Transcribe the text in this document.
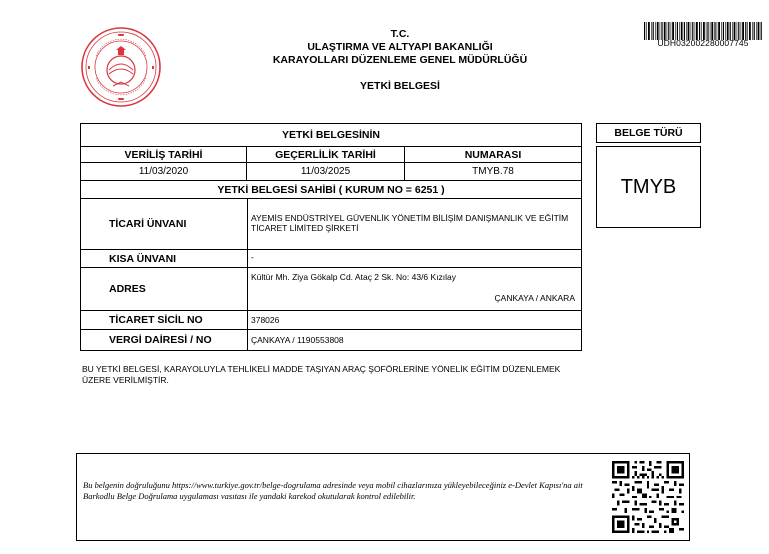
T.C.
ULAŞTIRMA VE ALTYAPI BAKANLIĞI
KARAYOLLARI DÜZENLEME GENEL MÜDÜRLÜĞÜ
YETKİ BELGESİ
UDH032002280007745
YETKİ BELGESİNİN
VERİLİŞ TARİHİ	GEÇERLİLİK TARİHİ	NUMARASI
11/03/2020	11/03/2025	TMYB.78
YETKİ BELGESİ SAHİBİ ( KURUM NO = 6251 )
TİCARİ ÜNVANI	AYEMİS ENDÜSTRİYEL GÜVENLİK YÖNETİM BİLİŞİM DANIŞMANLIK VE EĞİTİM TİCARET LİMİTED ŞİRKETİ
KISA ÜNVANI	-
ADRES
Kültür Mh. Ziya Gökalp Cd. Ataç 2 Sk. No: 43/6 Kızılay
ÇANKAYA / ANKARA
TİCARET SİCİL NO	378026
VERGİ DAİRESİ / NO	ÇANKAYA / 1190553808
BELGE TÜRÜ
TMYB
BU YETKİ BELGESİ, KARAYOLUYLA TEHLİKELİ MADDE TAŞIYAN ARAÇ ŞOFÖRLERİNE YÖNELİK EĞİTİM DÜZENLEMEK ÜZERE VERİLMİŞTİR.
Bu belgenin doğruluğunu https://www.turkiye.gov.tr/belge-dogrulama adresinde veya mobil cihazlarınıza yükleyebileceğiniz e-Devlet Kapısı'na ait Barkodlu Belge Doğrulama uygulaması vasıtası ile yandaki karekod okutularak kontrol edilebilir.
